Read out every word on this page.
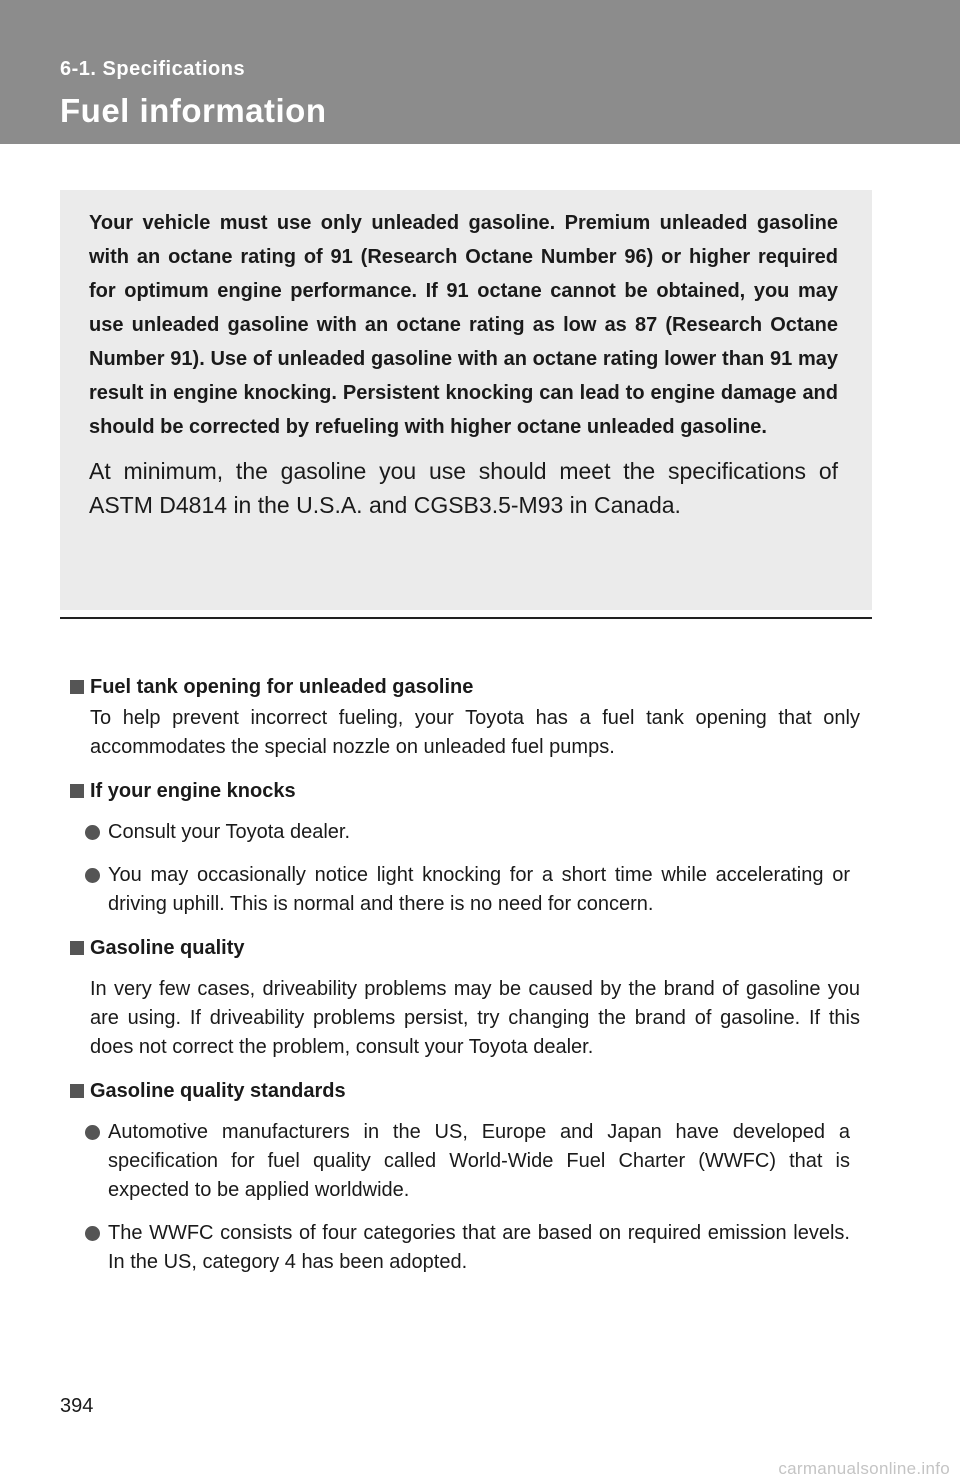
6-1. Specifications
Fuel information

Your vehicle must use only unleaded gasoline. Premium unleaded gasoline with an octane rating of 91 (Research Octane Number 96) or higher required for optimum engine performance. If 91 octane cannot be obtained, you may use unleaded gasoline with an octane rating as low as 87 (Research Octane Number 91). Use of unleaded gasoline with an octane rating lower than 91 may result in engine knocking. Persistent knocking can lead to engine damage and should be corrected by refueling with higher octane unleaded gasoline.

At minimum, the gasoline you use should meet the specifications of ASTM D4814 in the U.S.A. and CGSB3.5-M93 in Canada.

Fuel tank opening for unleaded gasoline

To help prevent incorrect fueling, your Toyota has a fuel tank opening that only accommodates the special nozzle on unleaded fuel pumps.

If your engine knocks
Consult your Toyota dealer.
You may occasionally notice light knocking for a short time while accelerating or driving uphill. This is normal and there is no need for concern.
Gasoline quality

In very few cases, driveability problems may be caused by the brand of gasoline you are using. If driveability problems persist, try changing the brand of gasoline. If this does not correct the problem, consult your Toyota dealer.

Gasoline quality standards
Automotive manufacturers in the US, Europe and Japan have developed a specification for fuel quality called World-Wide Fuel Charter (WWFC) that is expected to be applied worldwide.
The WWFC consists of four categories that are based on required emission levels. In the US, category 4 has been adopted.
394
carmanualsonline.info
